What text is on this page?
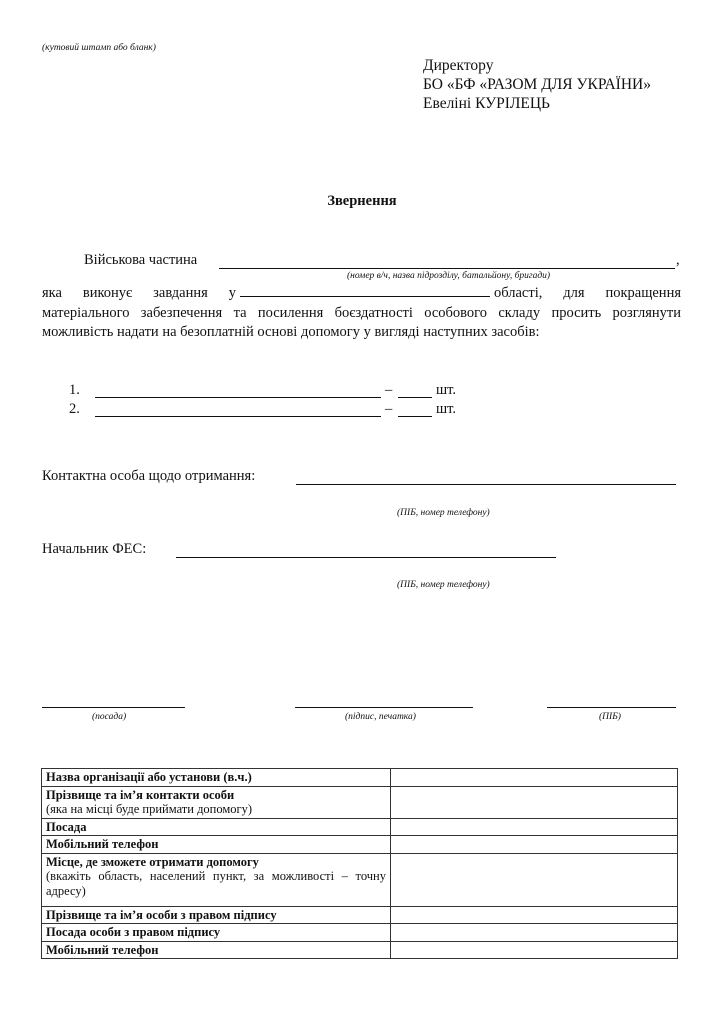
(кутовий штамп або бланк)
Директору
БО «БФ «РАЗОМ ДЛЯ УКРАЇНИ»
Евеліні КУРІЛЕЦЬ
Звернення
Військова частина	,
(номер в/ч, назва підрозділу, батальйону, бригади)
яка виконує завдання у	області, для покращення матеріального забезпечення та посилення боєздатності особового складу просить розглянути можливість надати на безоплатній основі допомогу у вигляді наступних засобів:
1.	–	шт.
2.	–	шт.
Контактна особа щодо отримання:
(ПІБ, номер телефону)
Начальник ФЕС:
(ПІБ, номер телефону)
(посада)	(підпис, печатка)	(ПІБ)
Назва організації або установи (в.ч.)	

Прізвище та ім’я контакти особи
(яка на місці буде приймати допомогу)	

Посада	

Мобільний телефон	

Місце, де зможете отримати допомогу
(вкажіть область, населений пункт, за можливості – точну адресу)	

Прізвище та ім’я особи з правом підпису	

Посада особи з правом підпису	

Мобільний телефон	
